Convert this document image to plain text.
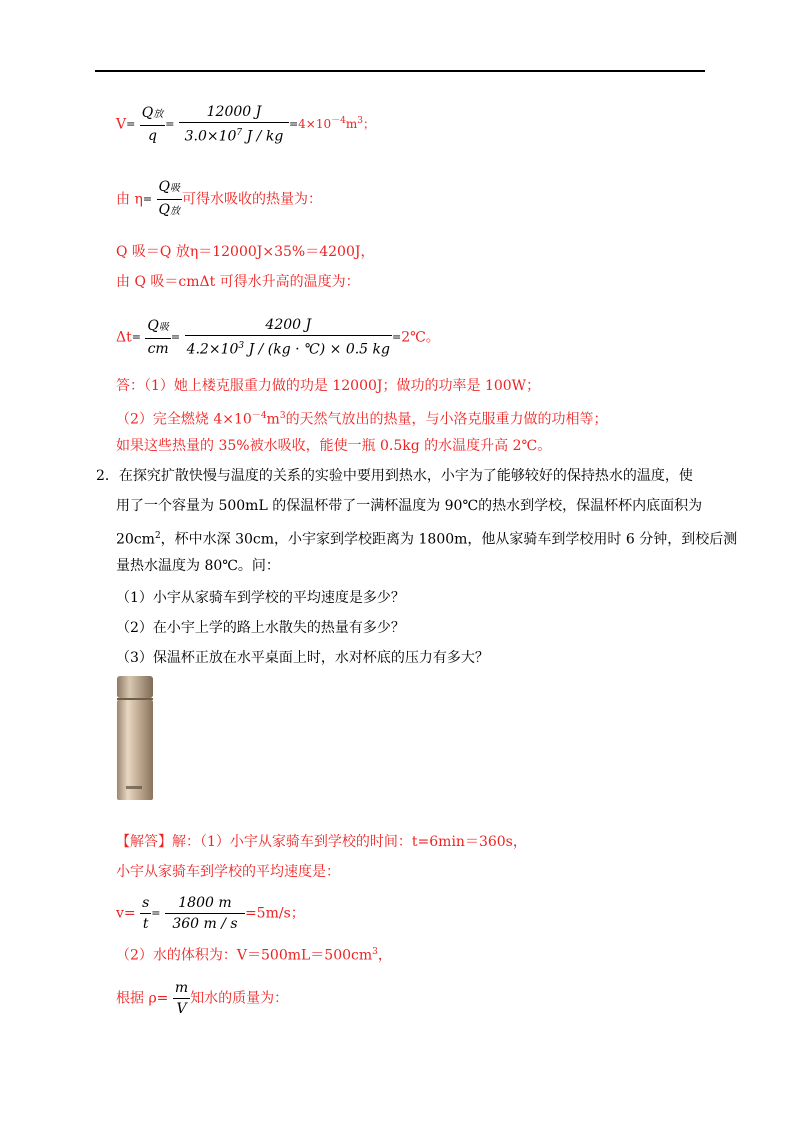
$V= \frac{\text{Q放}}{q} = \frac{12000 J}{3.0\times 10^7 J / kg} =4\times 10^{-4}m^3$；
由 $\eta= \frac{\text{Q吸}}{\text{Q放}}$ 可得水吸收的热量为：
Q 吸＝Q 放η＝12000J×35%＝4200J，
由 Q 吸＝cmΔt 可得水升高的温度为：
$\Delta t= \frac{\text{Q吸}}{cm} = \frac{4200 J}{4.2\times 10^3 J / (kg \cdot ℃) \times 0.5 kg}$ =2℃。
答：（1）她上楼克服重力做的功是 12000J；做功的功率是 100W；
（2）完全燃烧 $4\times 10^{-4}m^3$的天然气放出的热量，与小洛克服重力做的功相等；
如果这些热量的 35%被水吸收，能使一瓶 0.5kg 的水温度升高 2℃。
2．在探究扩散快慢与温度的关系的实验中要用到热水，小宇为了能够较好的保持热水的温度，使
用了一个容量为 500mL 的保温杯带了一满杯温度为 90℃的热水到学校，保温杯杯内底面积为
$20cm^2$，杯中水深 30cm，小宇家到学校距离为 1800m，他从家骑车到学校用时 6 分钟，到校后测
量热水温度为 80℃。问：
（1）小宇从家骑车到学校的平均速度是多少？
（2）在小宇上学的路上水散失的热量有多少？
（3）保温杯正放在水平桌面上时，水对杯底的压力有多大？
【解答】解：（1）小宇从家骑车到学校的时间：t=6min＝360s，
小宇从家骑车到学校的平均速度是：
$v= \frac{s}{t} = \frac{1800 m}{360 m / s} =5m/s$；
（2）水的体积为：$V=500mL=500cm^3$，
根据 $\rho= \frac{m}{V}$ 知水的质量为：
